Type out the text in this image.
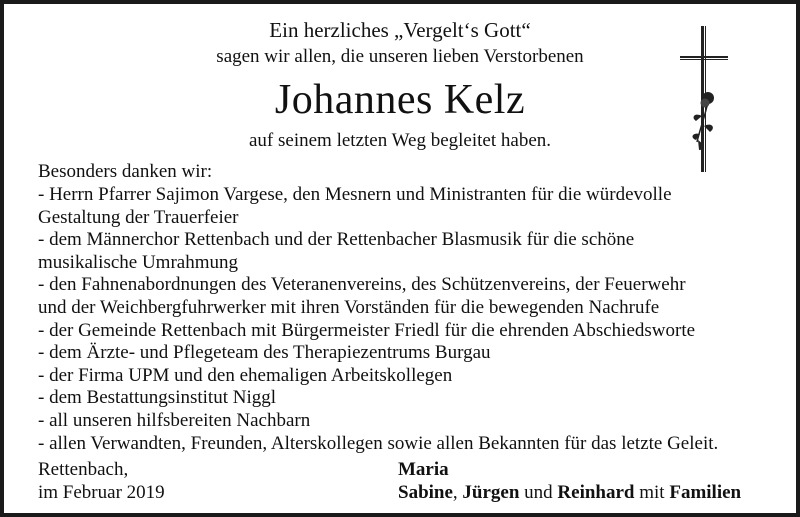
Ein herzliches „Vergelt‘s Gott“
sagen wir allen, die unseren lieben Verstorbenen
Johannes Kelz
auf seinem letzten Weg begleitet haben.
Besonders danken wir:
- Herrn Pfarrer Sajimon Vargese, den Mesnern und Ministranten für die würdevolle
Gestaltung der Trauerfeier
- dem Männerchor Rettenbach und der Rettenbacher Blasmusik für die schöne
musikalische Umrahmung
- den Fahnenabordnungen des Veteranenvereins, des Schützenvereins, der Feuerwehr
und der Weichbergfuhrwerker mit ihren Vorständen für die bewegenden Nachrufe
- der Gemeinde Rettenbach mit Bürgermeister Friedl für die ehrenden Abschiedsworte
- dem Ärzte- und Pflegeteam des Therapiezentrums Burgau
- der Firma UPM und den ehemaligen Arbeitskollegen
- dem Bestattungsinstitut Niggl
- all unseren hilfsbereiten Nachbarn
- allen Verwandten, Freunden, Alterskollegen sowie allen Bekannten für das letzte Geleit.
Rettenbach,
im Februar 2019
Maria
Sabine, Jürgen und Reinhard mit Familien
